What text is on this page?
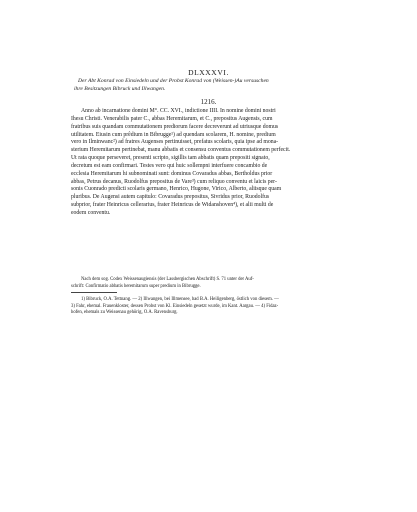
DLXXXVI.
Der Abt Konrad von Einsiedeln und der Probst Konrad von (Weissen-)Au versuschen
ihre Besitzungen Bibruck und Illwangen.
1216.
Anno ab incarnatione domini M°. CC. XVI., indictione IIII. In nomine domini nostri
Ihesu Christi. Venerabilis pater C., abbas Heremitarum, et C., prepositus Augensis, cum
fratribus suis quandam commutationem prediorum facere decreverunt ad utriusque domus
utilitatem. Eiusin cum prêdium in Bibrugge¹) ad quendam scolarem, H. nomine, predium
vero in Ilminwanc²) ad fratres Augenses pertinuisset, prefatus scolaris, quia ipse ad mona-
sterium Heremitarum pertinebat, manu abbatis et consensu conventus commutationem perfecit.
Ut rata quoque perseveret, presenti scripto, sigillis tam abbatis quam prepositi signato,
decretum est eam confirmari. Testes vero qui huic sollempni interfuere concambio de
ecclesia Heremitarum hi subnominati sunt: dominus Covaradus abbas, Bertholdus prior
abbas, Petrus decanus, Ruodolfus prepositus de Vare³) cum reliquo conventu et laicis per-
sonis Cuonrado predicti scolaris germano, Henrico, Hugone, Virico, Alberto, aliisque quam
pluribus. De Augensi autem capitulo: Covaradus prepositus, Sivridus prior, Ruodolfus
subprior, frater Heinricus cellerarius, frater Heinricus de Widanshoven⁴), et alii multi de
eodem conventu.
Nach dem sog. Codex Weissenaugiensis (der Lassbergischen Abschrift) S. 71 unter der Auf-
schrift: Confirmatio abbatis heremitarum super predium in Bibrugge.
1) Bibruck, O.A. Tettnang. — 2) Illwangen, bei Illmensee, bad B.A. Heiligenberg, östlich von diesem. —
3) Fahr, ehemal. Frauenkloster, dessen Probst von Kl. Einsiedeln gesetzt wurde, im Kant. Aargau. — 4) Fidaz-
hofen, ehemals zu Weissenau gehörig, O.A. Ravensburg.
